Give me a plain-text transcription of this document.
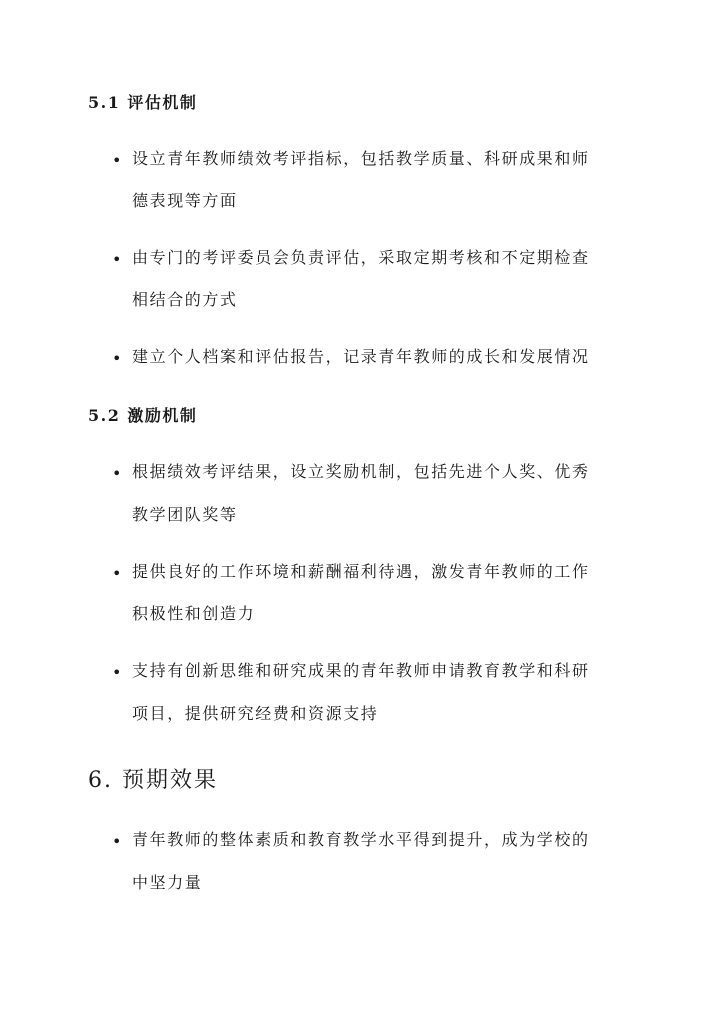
5.1 评估机制
• 设立青年教师绩效考评指标，包括教学质量、科研成果和师
德表现等方面
• 由专门的考评委员会负责评估，采取定期考核和不定期检查
相结合的方式
• 建立个人档案和评估报告，记录青年教师的成长和发展情况
5.2 激励机制
• 根据绩效考评结果，设立奖励机制，包括先进个人奖、优秀
教学团队奖等
• 提供良好的工作环境和薪酬福利待遇，激发青年教师的工作
积极性和创造力
• 支持有创新思维和研究成果的青年教师申请教育教学和科研
项目，提供研究经费和资源支持
6. 预期效果
• 青年教师的整体素质和教育教学水平得到提升，成为学校的
中坚力量
